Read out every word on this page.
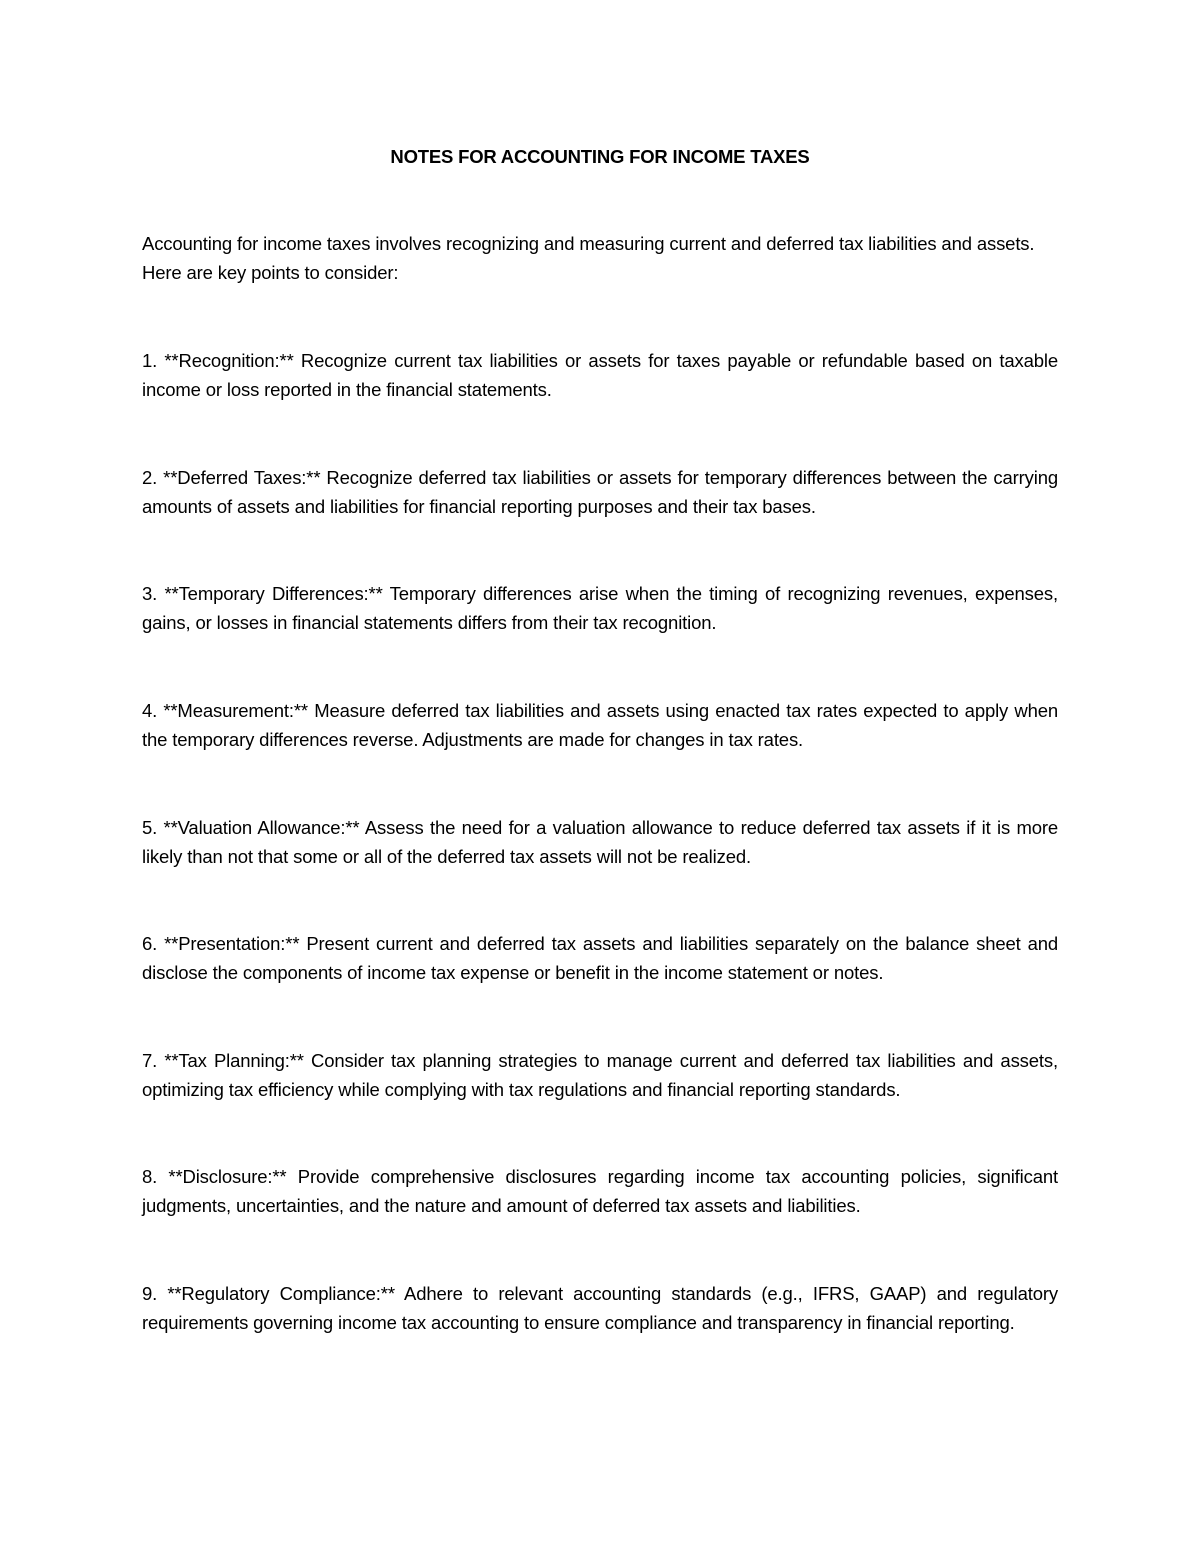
NOTES FOR ACCOUNTING FOR INCOME TAXES

Accounting for income taxes involves recognizing and measuring current and deferred tax liabilities and assets. Here are key points to consider:

1. **Recognition:** Recognize current tax liabilities or assets for taxes payable or refundable based on taxable income or loss reported in the financial statements.

2. **Deferred Taxes:** Recognize deferred tax liabilities or assets for temporary differences between the carrying amounts of assets and liabilities for financial reporting purposes and their tax bases.

3. **Temporary Differences:** Temporary differences arise when the timing of recognizing revenues, expenses, gains, or losses in financial statements differs from their tax recognition.

4. **Measurement:** Measure deferred tax liabilities and assets using enacted tax rates expected to apply when the temporary differences reverse. Adjustments are made for changes in tax rates.

5. **Valuation Allowance:** Assess the need for a valuation allowance to reduce deferred tax assets if it is more likely than not that some or all of the deferred tax assets will not be realized.

6. **Presentation:** Present current and deferred tax assets and liabilities separately on the balance sheet and disclose the components of income tax expense or benefit in the income statement or notes.

7. **Tax Planning:** Consider tax planning strategies to manage current and deferred tax liabilities and assets, optimizing tax efficiency while complying with tax regulations and financial reporting standards.

8. **Disclosure:** Provide comprehensive disclosures regarding income tax accounting policies, significant judgments, uncertainties, and the nature and amount of deferred tax assets and liabilities.

9. **Regulatory Compliance:** Adhere to relevant accounting standards (e.g., IFRS, GAAP) and regulatory requirements governing income tax accounting to ensure compliance and transparency in financial reporting.
